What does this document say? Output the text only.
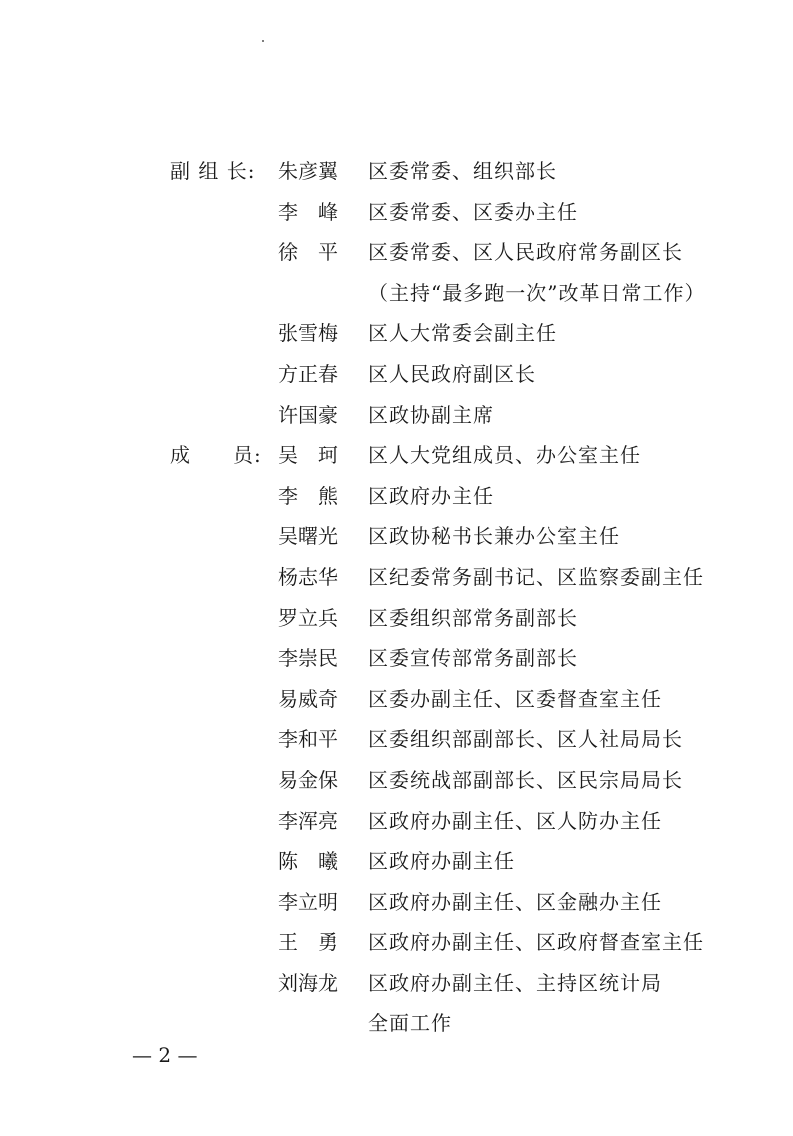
副 组 长:	朱彦翼	区委常委、组织部长
李　峰	区委常委、区委办主任
徐　平	区委常委、区人民政府常务副区长
（主持“最多跑一次”改革日常工作）
张雪梅	区人大常委会副主任
方正春	区人民政府副区长
许国豪	区政协副主席
成　　员: 吴　珂	区人大党组成员、办公室主任
李　熊	区政府办主任
吴曙光	区政协秘书长兼办公室主任
杨志华	区纪委常务副书记、区监察委副主任
罗立兵	区委组织部常务副部长
李崇民	区委宣传部常务副部长
易威奇	区委办副主任、区委督查室主任
李和平	区委组织部副部长、区人社局局长
易金保	区委统战部副部长、区民宗局局长
李浑亮	区政府办副主任、区人防办主任
陈　曦	区政府办副主任
李立明	区政府办副主任、区金融办主任
王　勇	区政府办副主任、区政府督查室主任
刘海龙	区政府办副主任、主持区统计局
全面工作
— 2 —
